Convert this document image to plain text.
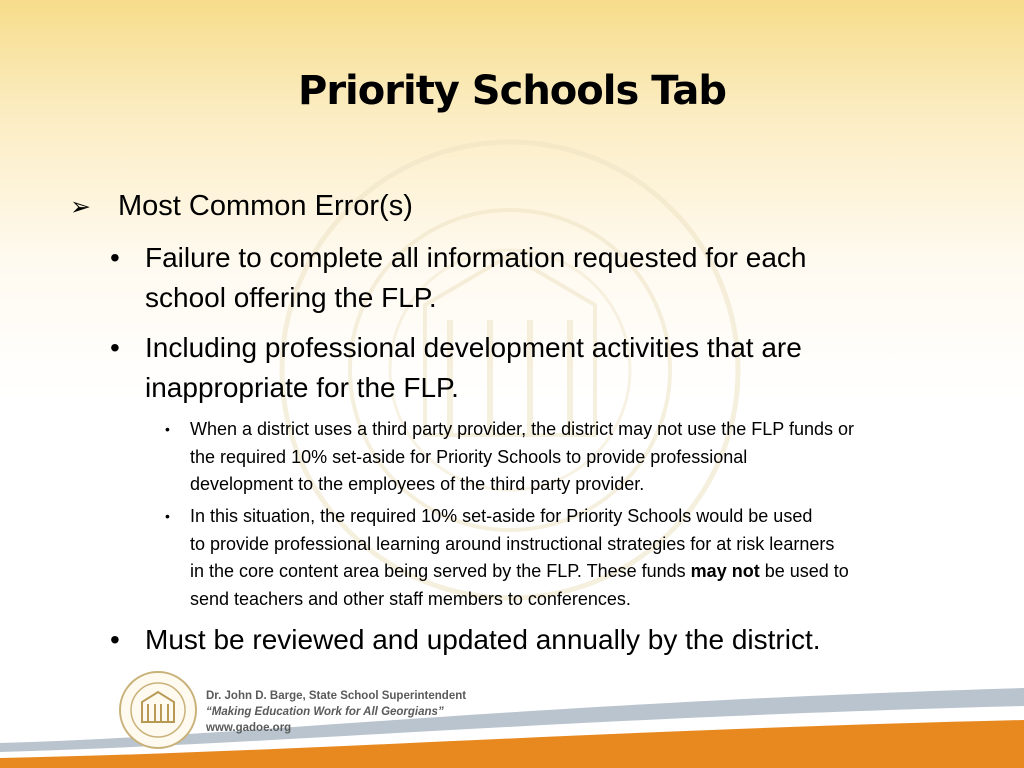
Priority Schools Tab
➢ Most Common Error(s)
• Failure to complete all information requested for each
school offering the FLP.
• Including professional development activities that are
inappropriate for the FLP.
• When a district uses a third party provider, the district may not use the FLP funds or
the required 10% set-aside for Priority Schools to provide professional
development to the employees of the third party provider.
• In this situation, the required 10% set-aside for Priority Schools would be used
to provide professional learning around instructional strategies for at risk learners
in the core content area being served by the FLP. These funds may not be used to
send teachers and other staff members to conferences.
• Must be reviewed and updated annually by the district.
Dr. John D. Barge, State School Superintendent
“Making Education Work for All Georgians”
www.gadoe.org
